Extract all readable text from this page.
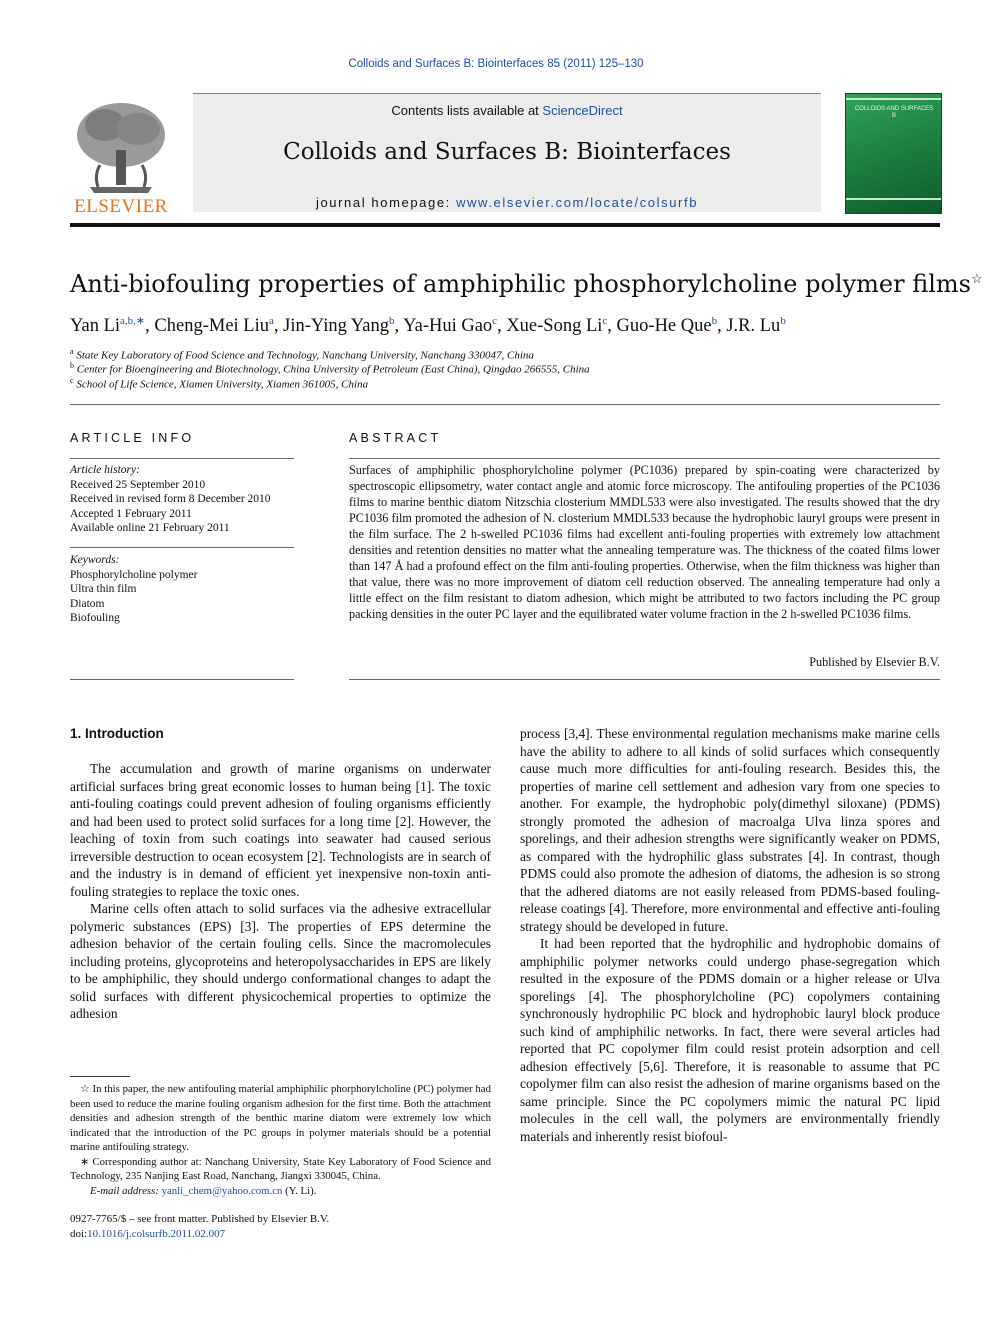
Colloids and Surfaces B: Biointerfaces 85 (2011) 125–130
ELSEVIER
Contents lists available at ScienceDirect
Colloids and Surfaces B: Biointerfaces
journal homepage: www.elsevier.com/locate/colsurfb
COLLOIDS AND SURFACES B
Anti-biofouling properties of amphiphilic phosphorylcholine polymer films☆
Yan $Li^{a,b,∗}$, Cheng-Mei Liu$^a$, Jin-Ying Yang$^b$, Ya-Hui Gao$^c$, Xue-Song Li$^c$, Guo-He Que$^b$, J.R. Lu$^b$
$^a$ State Key Laboratory of Food Science and Technology, Nanchang University, Nanchang 330047, China
$^b$ Center for Bioengineering and Biotechnology, China University of Petroleum (East China), Qingdao 266555, China
$^c$ School of Life Science, Xiamen University, Xiamen 361005, China
ARTICLE INFO
Article history:
Received 25 September 2010
Received in revised form 8 December 2010
Accepted 1 February 2011
Available online 21 February 2011
Keywords:
Phosphorylcholine polymer
Ultra thin film
Diatom
Biofouling
ABSTRACT
Surfaces of amphiphilic phosphorylcholine polymer (PC1036) prepared by spin-coating were characterized by spectroscopic ellipsometry, water contact angle and atomic force microscopy. The antifouling properties of the PC1036 films to marine benthic diatom Nitzschia closterium MMDL533 were also investigated. The results showed that the dry PC1036 film promoted the adhesion of N. closterium MMDL533 because the hydrophobic lauryl groups were present in the film surface. The 2 h-swelled PC1036 films had excellent anti-fouling properties with extremely low attachment densities and retention densities no matter what the annealing temperature was. The thickness of the coated films lower than 147 Å had a profound effect on the film anti-fouling properties. Otherwise, when the film thickness was higher than that value, there was no more improvement of diatom cell reduction observed. The annealing temperature had only a little effect on the film resistant to diatom adhesion, which might be attributed to two factors including the PC group packing densities in the outer PC layer and the equilibrated water volume fraction in the 2 h-swelled PC1036 films.
Published by Elsevier B.V.
1. Introduction

The accumulation and growth of marine organisms on underwater artificial surfaces bring great economic losses to human being [1]. The toxic anti-fouling coatings could prevent adhesion of fouling organisms efficiently and had been used to protect solid surfaces for a long time [2]. However, the leaching of toxin from such coatings into seawater had caused serious irreversible destruction to ocean ecosystem [2]. Technologists are in search of and the industry is in demand of efficient yet inexpensive non-toxin anti-fouling strategies to replace the toxic ones.

Marine cells often attach to solid surfaces via the adhesive extracellular polymeric substances (EPS) [3]. The properties of EPS determine the adhesion behavior of the certain fouling cells. Since the macromolecules including proteins, glycoproteins and heteropolysaccharides in EPS are likely to be amphiphilic, they should undergo conformational changes to adapt the solid surfaces with different physicochemical properties to optimize the adhesion

process [3,4]. These environmental regulation mechanisms make marine cells have the ability to adhere to all kinds of solid surfaces which consequently cause much more difficulties for anti-fouling research. Besides this, the properties of marine cell settlement and adhesion vary from one species to another. For example, the hydrophobic poly(dimethyl siloxane) (PDMS) strongly promoted the adhesion of macroalga Ulva linza spores and sporelings, and their adhesion strengths were significantly weaker on PDMS, as compared with the hydrophilic glass substrates [4]. In contrast, though PDMS could also promote the adhesion of diatoms, the adhesion is so strong that the adhered diatoms are not easily released from PDMS-based fouling-release coatings [4]. Therefore, more environmental and effective anti-fouling strategy should be developed in future.

It had been reported that the hydrophilic and hydrophobic domains of amphiphilic polymer networks could undergo phase-segregation which resulted in the exposure of the PDMS domain or a higher release or Ulva sporelings [4]. The phosphorylcholine (PC) copolymers containing synchronously hydrophilic PC block and hydrophobic lauryl block produce such kind of amphiphilic networks. In fact, there were several articles had reported that PC copolymer film could resist protein adsorption and cell adhesion effectively [5,6]. Therefore, it is reasonable to assume that PC copolymer film can also resist the adhesion of marine organisms based on the same principle. Since the PC copolymers mimic the natural PC lipid molecules in the cell wall, the polymers are environmentally friendly materials and inherently resist biofoul-

☆ In this paper, the new antifouling material amphiphilic phorphorylcholine (PC) polymer had been used to reduce the marine fouling organism adhesion for the first time. Both the attachment densities and adhesion strength of the benthic marine diatom were extremely low which indicated that the introduction of the PC groups in polymer materials should be a potential marine antifouling strategy.

∗ Corresponding author at: Nanchang University, State Key Laboratory of Food Science and Technology, 235 Nanjing East Road, Nanchang, Jiangxi 330045, China.

E-mail address: yanli_chem@yahoo.com.cn (Y. Li).

0927-7765/$ – see front matter. Published by Elsevier B.V.
doi:10.1016/j.colsurfb.2011.02.007
